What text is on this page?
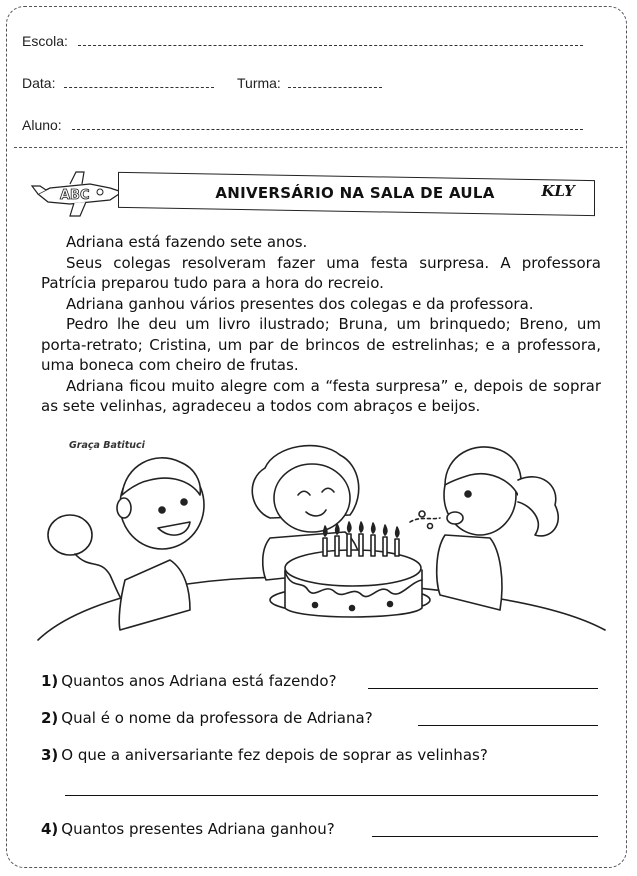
Escola:
Data:	Turma:
Aluno:
ABC	ANIVERSÁRIO NA SALA DE AULA	KLY

Adriana está fazendo sete anos.

Seus colegas resolveram fazer uma festa surpresa. A professora Patrícia preparou tudo para a hora do recreio.

Adriana ganhou vários presentes dos colegas e da professora.

Pedro lhe deu um livro ilustrado; Bruna, um brinquedo; Breno, um porta-retrato; Cristina, um par de brincos de estrelinhas; e a professora, uma boneca com cheiro de frutas.

Adriana ficou muito alegre com a “festa surpresa” e, depois de soprar as sete velinhas, agradeceu a todos com abraços e beijos.

Graça Batituci
1) Quantos anos Adriana está fazendo?
2) Qual é o nome da professora de Adriana?
3) O que a aniversariante fez depois de soprar as velinhas?
4) Quantos presentes Adriana ganhou?
